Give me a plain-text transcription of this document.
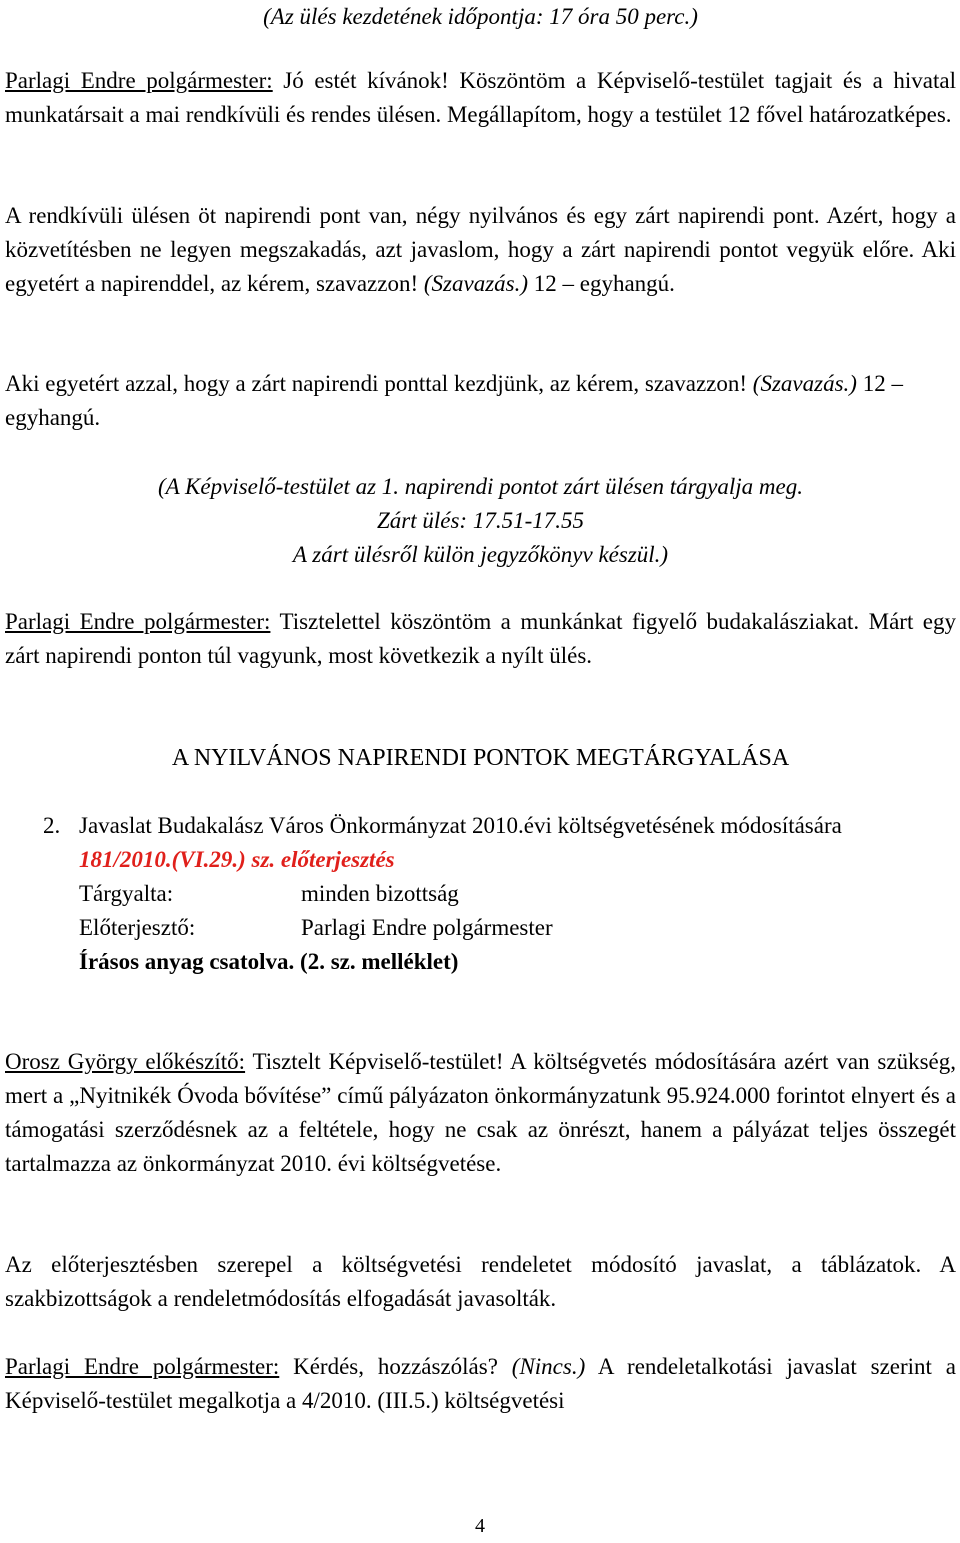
(Az ülés kezdetének időpontja: 17 óra 50 perc.)

Parlagi Endre polgármester: Jó estét kívánok! Köszöntöm a Képviselő-testület tagjait és a hivatal munkatársait a mai rendkívüli és rendes ülésen. Megállapítom, hogy a testület 12 fővel határozatképes.

A rendkívüli ülésen öt napirendi pont van, négy nyilvános és egy zárt napirendi pont. Azért, hogy a közvetítésben ne legyen megszakadás, azt javaslom, hogy a zárt napirendi pontot vegyük előre. Aki egyetért a napirenddel, az kérem, szavazzon! (Szavazás.) 12 – egyhangú.

Aki egyetért azzal, hogy a zárt napirendi ponttal kezdjünk, az kérem, szavazzon! (Szavazás.) 12 – egyhangú.

(A Képviselő-testület az 1. napirendi pontot zárt ülésen tárgyalja meg.

Zárt ülés: 17.51-17.55

A zárt ülésről külön jegyzőkönyv készül.)

Parlagi Endre polgármester: Tisztelettel köszöntöm a munkánkat figyelő budakalásziakat. Márt egy zárt napirendi ponton túl vagyunk, most következik a nyílt ülés.

A NYILVÁNOS NAPIRENDI PONTOK MEGTÁRGYALÁSA

2. Javaslat Budakalász Város Önkormányzat 2010.évi költségvetésének módosítására

181/2010.(VI.29.) sz. előterjesztés

Tárgyalta:	minden bizottság
Előterjesztő:	Parlagi Endre polgármester

Írásos anyag csatolva. (2. sz. melléklet)

Orosz György előkészítő: Tisztelt Képviselő-testület! A költségvetés módosítására azért van szükség, mert a „Nyitnikék Óvoda bővítése” című pályázaton önkormányzatunk 95.924.000 forintot elnyert és a támogatási szerződésnek az a feltétele, hogy ne csak az önrészt, hanem a pályázat teljes összegét tartalmazza az önkormányzat 2010. évi költségvetése.

Az előterjesztésben szerepel a költségvetési rendeletet módosító javaslat, a táblázatok. A szakbizottságok a rendeletmódosítás elfogadását javasolták.

Parlagi Endre polgármester: Kérdés, hozzászólás? (Nincs.) A rendeletalkotási javaslat szerint a Képviselő-testület megalkotja a 4/2010. (III.5.) költségvetési

4
